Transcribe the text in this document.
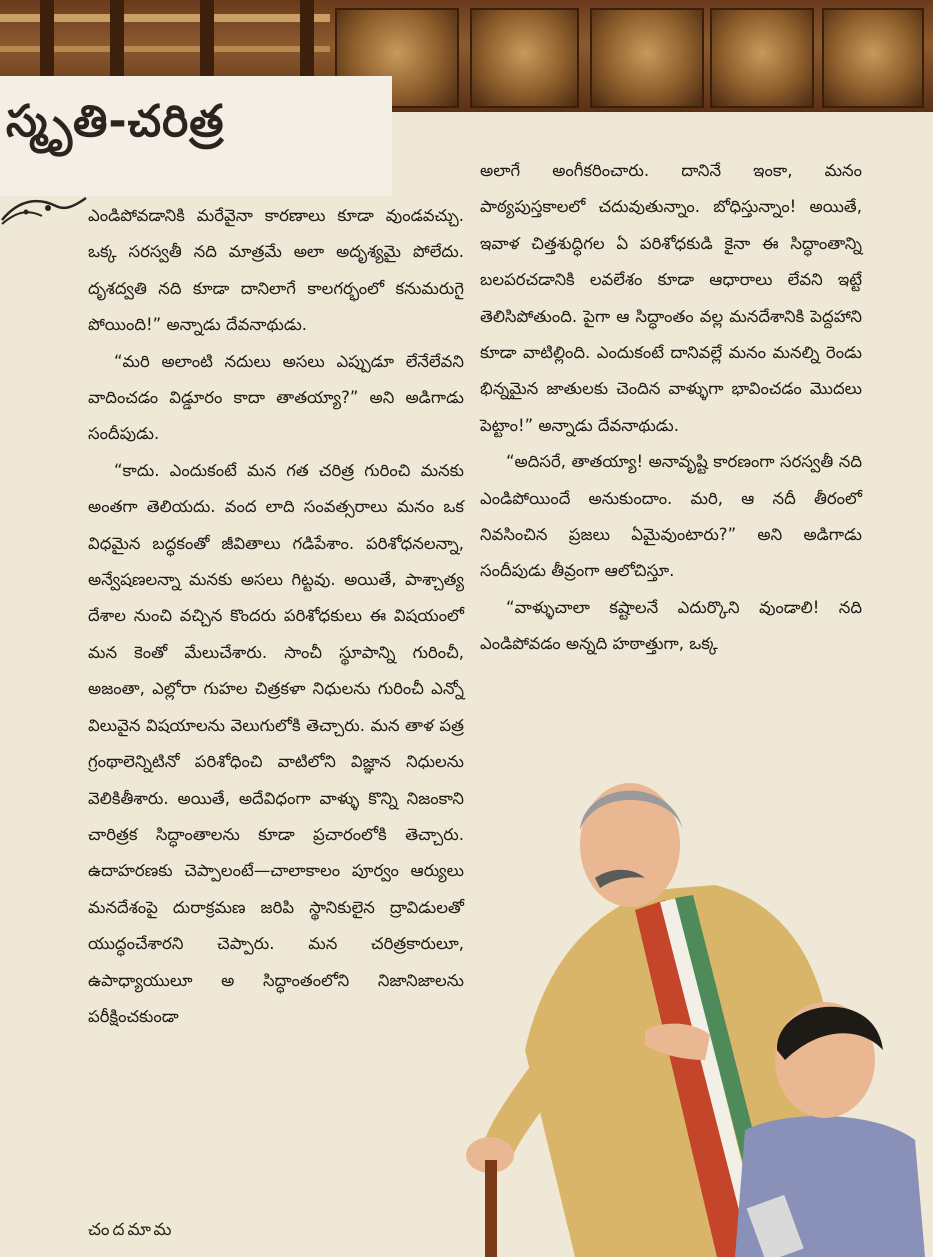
స్మృతి-చరిత్ర

ఎండిపోవడానికి మరేవైనా కారణాలు కూడా వుండవచ్చు. ఒక్క సరస్వతీ నది మాత్రమే అలా అదృశ్యమై పోలేదు. దృశద్వతి నది కూడా దానిలాగే కాలగర్భంలో కనుమరుగై పోయింది!” అన్నాడు దేవనాథుడు.

“మరి అలాంటి నదులు అసలు ఎప్పుడూ లేనేలేవని వాదించడం విడ్డూరం కాదా తాతయ్యా?” అని అడిగాడు సందీపుడు.

“కాదు. ఎందుకంటే మన గత చరిత్ర గురించి మనకు అంతగా తెలియదు. వంద లాది సంవత్సరాలు మనం ఒక విధమైన బద్ధకంతో జీవితాలు గడిపేశాం. పరిశోధనలన్నా, అన్వేషణలన్నా మనకు అసలు గిట్టవు. అయితే, పాశ్చాత్య దేశాల నుంచి వచ్చిన కొందరు పరిశోధకులు ఈ విషయంలో మన కెంతో మేలుచేశారు. సాంచీ స్థూపాన్ని గురించీ, అజంతా, ఎల్లోరా గుహల చిత్రకళా నిధులను గురించీ ఎన్నో విలువైన విషయాలను వెలుగులోకి తెచ్చారు. మన తాళ పత్ర గ్రంథాలెన్నిటినో పరిశోధించి వాటిలోని విజ్ఞాన నిధులను వెలికితీశారు. అయితే, అదేవిధంగా వాళ్ళు కొన్ని నిజంకాని చారిత్రక సిద్ధాంతాలను కూడా ప్రచారంలోకి తెచ్చారు. ఉదాహరణకు చెప్పాలంటే—చాలాకాలం పూర్వం ఆర్యులు మనదేశంపై దురాక్రమణ జరిపి స్థానికులైన ద్రావిడులతో యుద్ధంచేశారని చెప్పారు. మన చరిత్రకారులూ, ఉపాధ్యాయులూ అ సిద్ధాంతంలోని నిజానిజాలను పరీక్షించకుండా

అలాగే అంగీకరించారు. దానినే ఇంకా, మనం పాఠ్యపుస్తకాలలో చదువుతున్నాం. బోధిస్తున్నాం! అయితే, ఇవాళ చిత్తశుద్ధిగల ఏ పరిశోధకుడి కైనా ఈ సిద్ధాంతాన్ని బలపరచడానికి లవలేశం కూడా ఆధారాలు లేవని ఇట్టే తెలిసిపోతుంది. పైగా ఆ సిద్ధాంతం వల్ల మనదేశానికి పెద్దహాని కూడా వాటిల్లింది. ఎందుకంటే దానివల్లే మనం మనల్ని రెండు భిన్నమైన జాతులకు చెందిన వాళ్ళుగా భావించడం మొదలు పెట్టాం!” అన్నాడు దేవనాథుడు.

“అదిసరే, తాతయ్యా! అనావృష్టి కారణంగా సరస్వతీ నది ఎండిపోయిందే అనుకుందాం. మరి, ఆ నదీ తీరంలో నివసించిన ప్రజలు ఏమైవుంటారు?” అని అడిగాడు సందీపుడు తీవ్రంగా ఆలోచిస్తూ.

“వాళ్ళుచాలా కష్టాలనే ఎదుర్కొని వుండాలి! నది ఎండిపోవడం అన్నది హఠాత్తుగా, ఒక్క

చందమామ
